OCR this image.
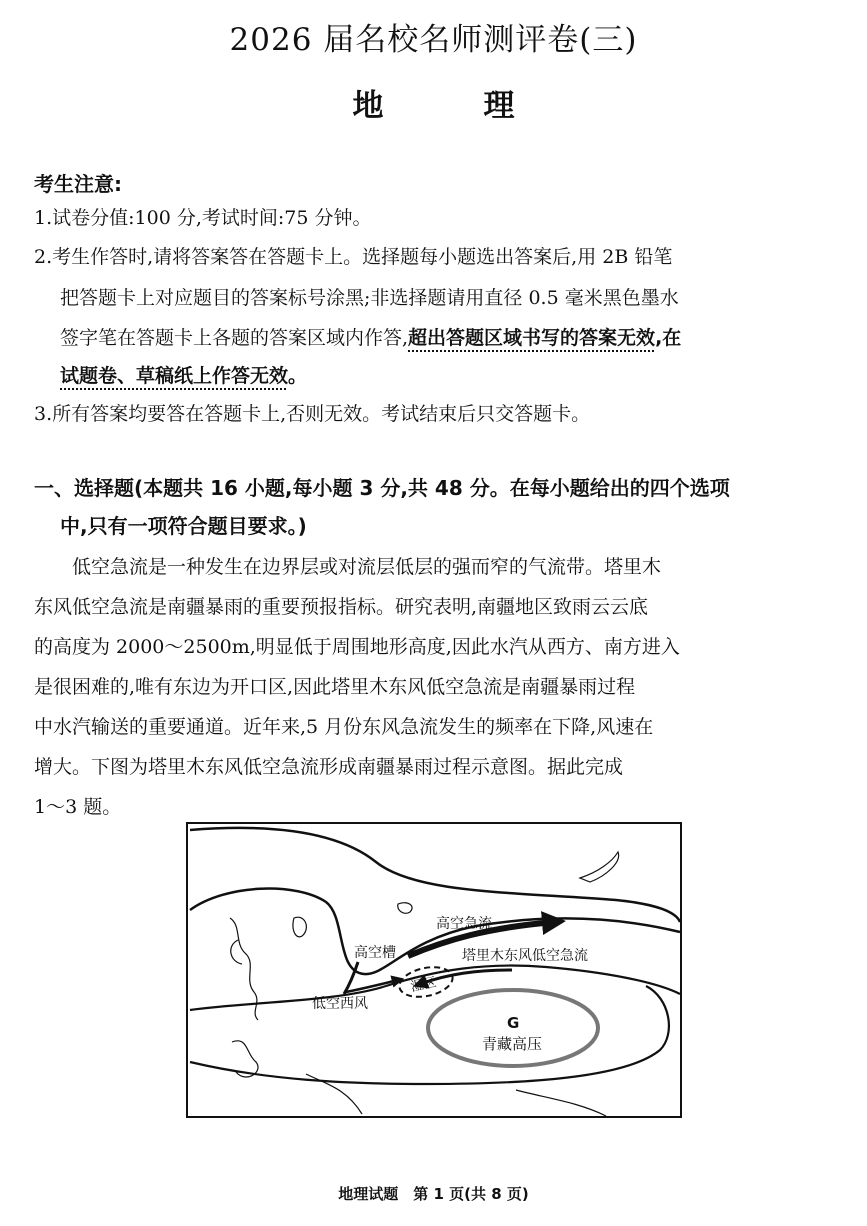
2026 届名校名师测评卷(三)
地	理
考生注意:
1.试卷分值:100 分,考试时间:75 分钟。
2.考生作答时,请将答案答在答题卡上。选择题每小题选出答案后,用 2B 铅笔
把答题卡上对应题目的答案标号涂黑;非选择题请用直径 0.5 毫米黑色墨水
签字笔在答题卡上各题的答案区域内作答,超出答题区域书写的答案无效,在
试题卷、草稿纸上作答无效。
3.所有答案均要答在答题卡上,否则无效。考试结束后只交答题卡。
一、选择题(本题共 16 小题,每小题 3 分,共 48 分。在每小题给出的四个选项
中,只有一项符合题目要求。)
　　低空急流是一种发生在边界层或对流层低层的强而窄的气流带。塔里木
东风低空急流是南疆暴雨的重要预报指标。研究表明,南疆地区致雨云云底
的高度为 2000～2500m,明显低于周围地形高度,因此水汽从西方、南方进入
是很困难的,唯有东边为开口区,因此塔里木东风低空急流是南疆暴雨过程
中水汽输送的重要通道。近年来,5 月份东风急流发生的频率在下降,风速在
增大。下图为塔里木东风低空急流形成南疆暴雨过程示意图。据此完成
1～3 题。
高空急流
高空槽	塔里木东风低空急流
湿区
低空西风
G
青藏高压
地理试题　第 1 页(共 8 页)
